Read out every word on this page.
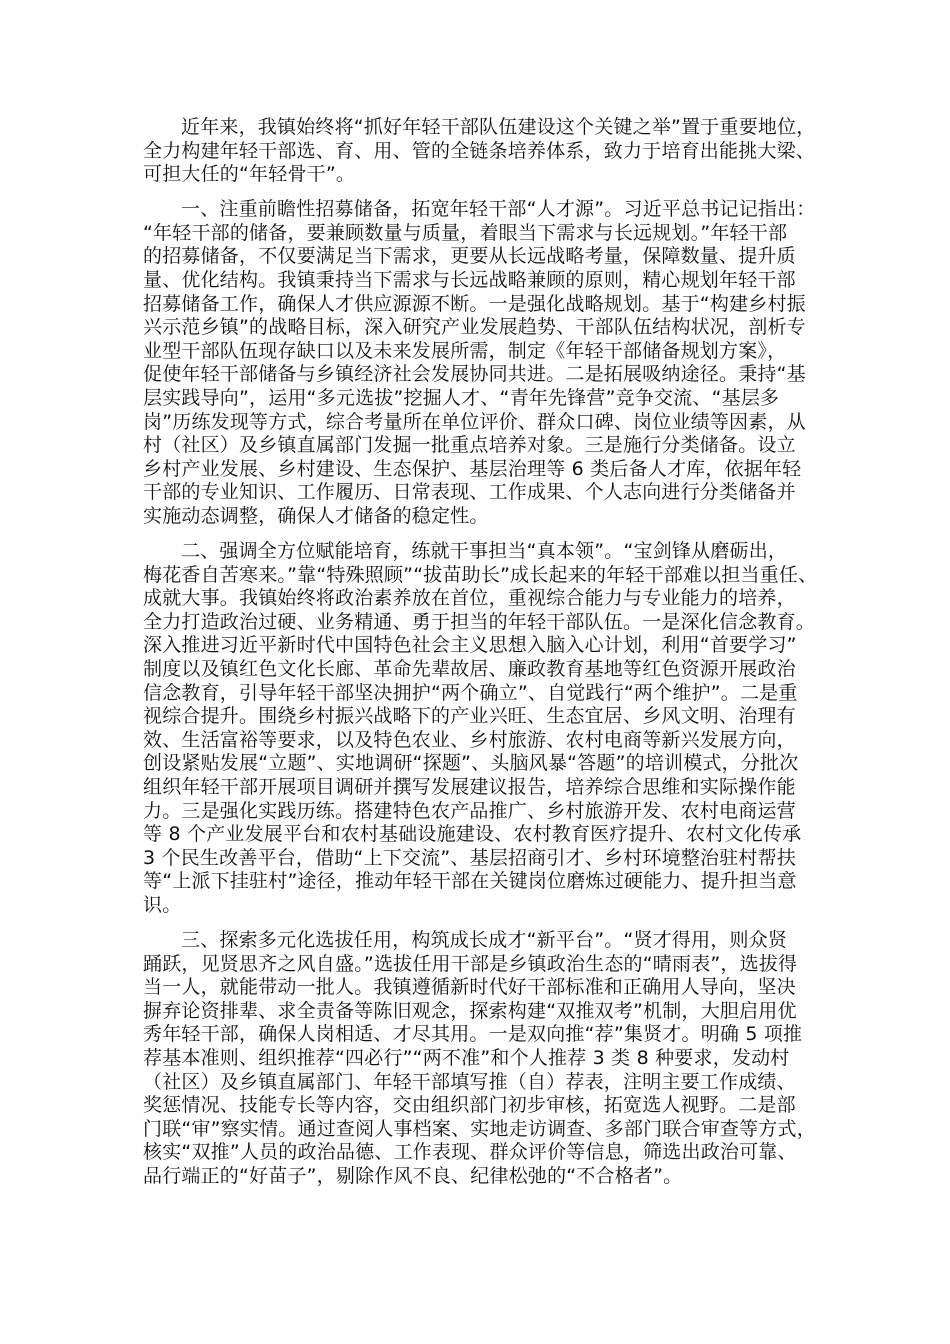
近年来，我镇始终将“抓好年轻干部队伍建设这个关键之举”置于重要地位，
全力构建年轻干部选、育、用、管的全链条培养体系，致力于培育出能挑大梁、
可担大任的“年轻骨干”。
一、注重前瞻性招募储备，拓宽年轻干部“人才源”。习近平总书记记指出：
“年轻干部的储备，要兼顾数量与质量，着眼当下需求与长远规划。”年轻干部
的招募储备，不仅要满足当下需求，更要从长远战略考量，保障数量、提升质
量、优化结构。我镇秉持当下需求与长远战略兼顾的原则，精心规划年轻干部
招募储备工作，确保人才供应源源不断。一是强化战略规划。基于“构建乡村振
兴示范乡镇”的战略目标，深入研究产业发展趋势、干部队伍结构状况，剖析专
业型干部队伍现存缺口以及未来发展所需，制定《年轻干部储备规划方案》，
促使年轻干部储备与乡镇经济社会发展协同共进。二是拓展吸纳途径。秉持“基
层实践导向”，运用“多元选拔”挖掘人才、“青年先锋营”竞争交流、“基层多
岗”历练发现等方式，综合考量所在单位评价、群众口碑、岗位业绩等因素，从
村（社区）及乡镇直属部门发掘一批重点培养对象。三是施行分类储备。设立
乡村产业发展、乡村建设、生态保护、基层治理等 6 类后备人才库，依据年轻
干部的专业知识、工作履历、日常表现、工作成果、个人志向进行分类储备并
实施动态调整，确保人才储备的稳定性。
二、强调全方位赋能培育，练就干事担当“真本领”。“宝剑锋从磨砺出，
梅花香自苦寒来。”靠“特殊照顾”“拔苗助长”成长起来的年轻干部难以担当重任、
成就大事。我镇始终将政治素养放在首位，重视综合能力与专业能力的培养，
全力打造政治过硬、业务精通、勇于担当的年轻干部队伍。一是深化信念教育。
深入推进习近平新时代中国特色社会主义思想入脑入心计划，利用“首要学习”
制度以及镇红色文化长廊、革命先辈故居、廉政教育基地等红色资源开展政治
信念教育，引导年轻干部坚决拥护“两个确立”、自觉践行“两个维护”。二是重
视综合提升。围绕乡村振兴战略下的产业兴旺、生态宜居、乡风文明、治理有
效、生活富裕等要求，以及特色农业、乡村旅游、农村电商等新兴发展方向，
创设紧贴发展“立题”、实地调研“探题”、头脑风暴“答题”的培训模式，分批次
组织年轻干部开展项目调研并撰写发展建议报告，培养综合思维和实际操作能
力。三是强化实践历练。搭建特色农产品推广、乡村旅游开发、农村电商运营
等 8 个产业发展平台和农村基础设施建设、农村教育医疗提升、农村文化传承
3 个民生改善平台，借助“上下交流”、基层招商引才、乡村环境整治驻村帮扶
等“上派下挂驻村”途径，推动年轻干部在关键岗位磨炼过硬能力、提升担当意
识。
三、探索多元化选拔任用，构筑成长成才“新平台”。“贤才得用，则众贤
踊跃，见贤思齐之风自盛。”选拔任用干部是乡镇政治生态的“晴雨表”，选拔得
当一人，就能带动一批人。我镇遵循新时代好干部标准和正确用人导向，坚决
摒弃论资排辈、求全责备等陈旧观念，探索构建“双推双考”机制，大胆启用优
秀年轻干部，确保人岗相适、才尽其用。一是双向推“荐”集贤才。明确 5 项推
荐基本准则、组织推荐“四必行”“两不准”和个人推荐 3 类 8 种要求，发动村
（社区）及乡镇直属部门、年轻干部填写推（自）荐表，注明主要工作成绩、
奖惩情况、技能专长等内容，交由组织部门初步审核，拓宽选人视野。二是部
门联“审”察实情。通过查阅人事档案、实地走访调查、多部门联合审查等方式，
核实“双推”人员的政治品德、工作表现、群众评价等信息，筛选出政治可靠、
品行端正的“好苗子”，剔除作风不良、纪律松弛的“不合格者”。
